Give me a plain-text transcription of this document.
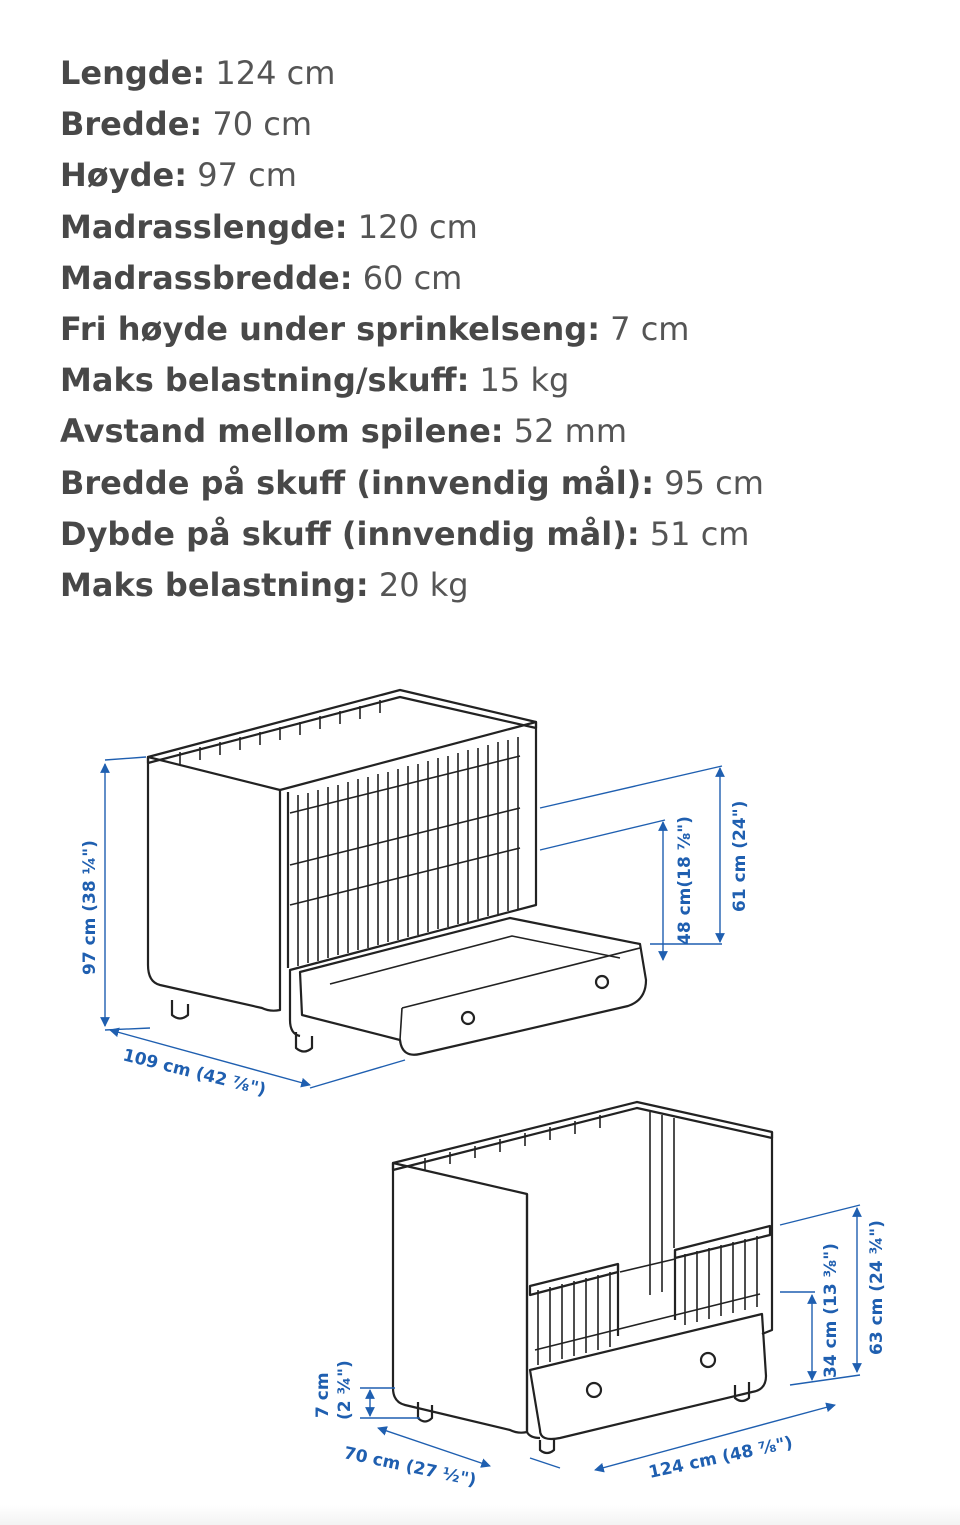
Lengde: 124 cm
Bredde: 70 cm
Høyde: 97 cm
Madrasslengde: 120 cm
Madrassbredde: 60 cm
Fri høyde under sprinkelseng: 7 cm
Maks belastning/skuff: 15 kg
Avstand mellom spilene: 52 mm
Bredde på skuff (innvendig mål): 95 cm
Dybde på skuff (innvendig mål): 51 cm
Maks belastning: 20 kg
97 cm (38 ¼")
109 cm (42 ⅞")
48 cm(18 ⅞") 61 cm (24")
7 cm (2 ¾")
70 cm (27 ½")	124 cm (48 ⅞")
34 cm (13 ⅜") 63 cm (24 ¾")
